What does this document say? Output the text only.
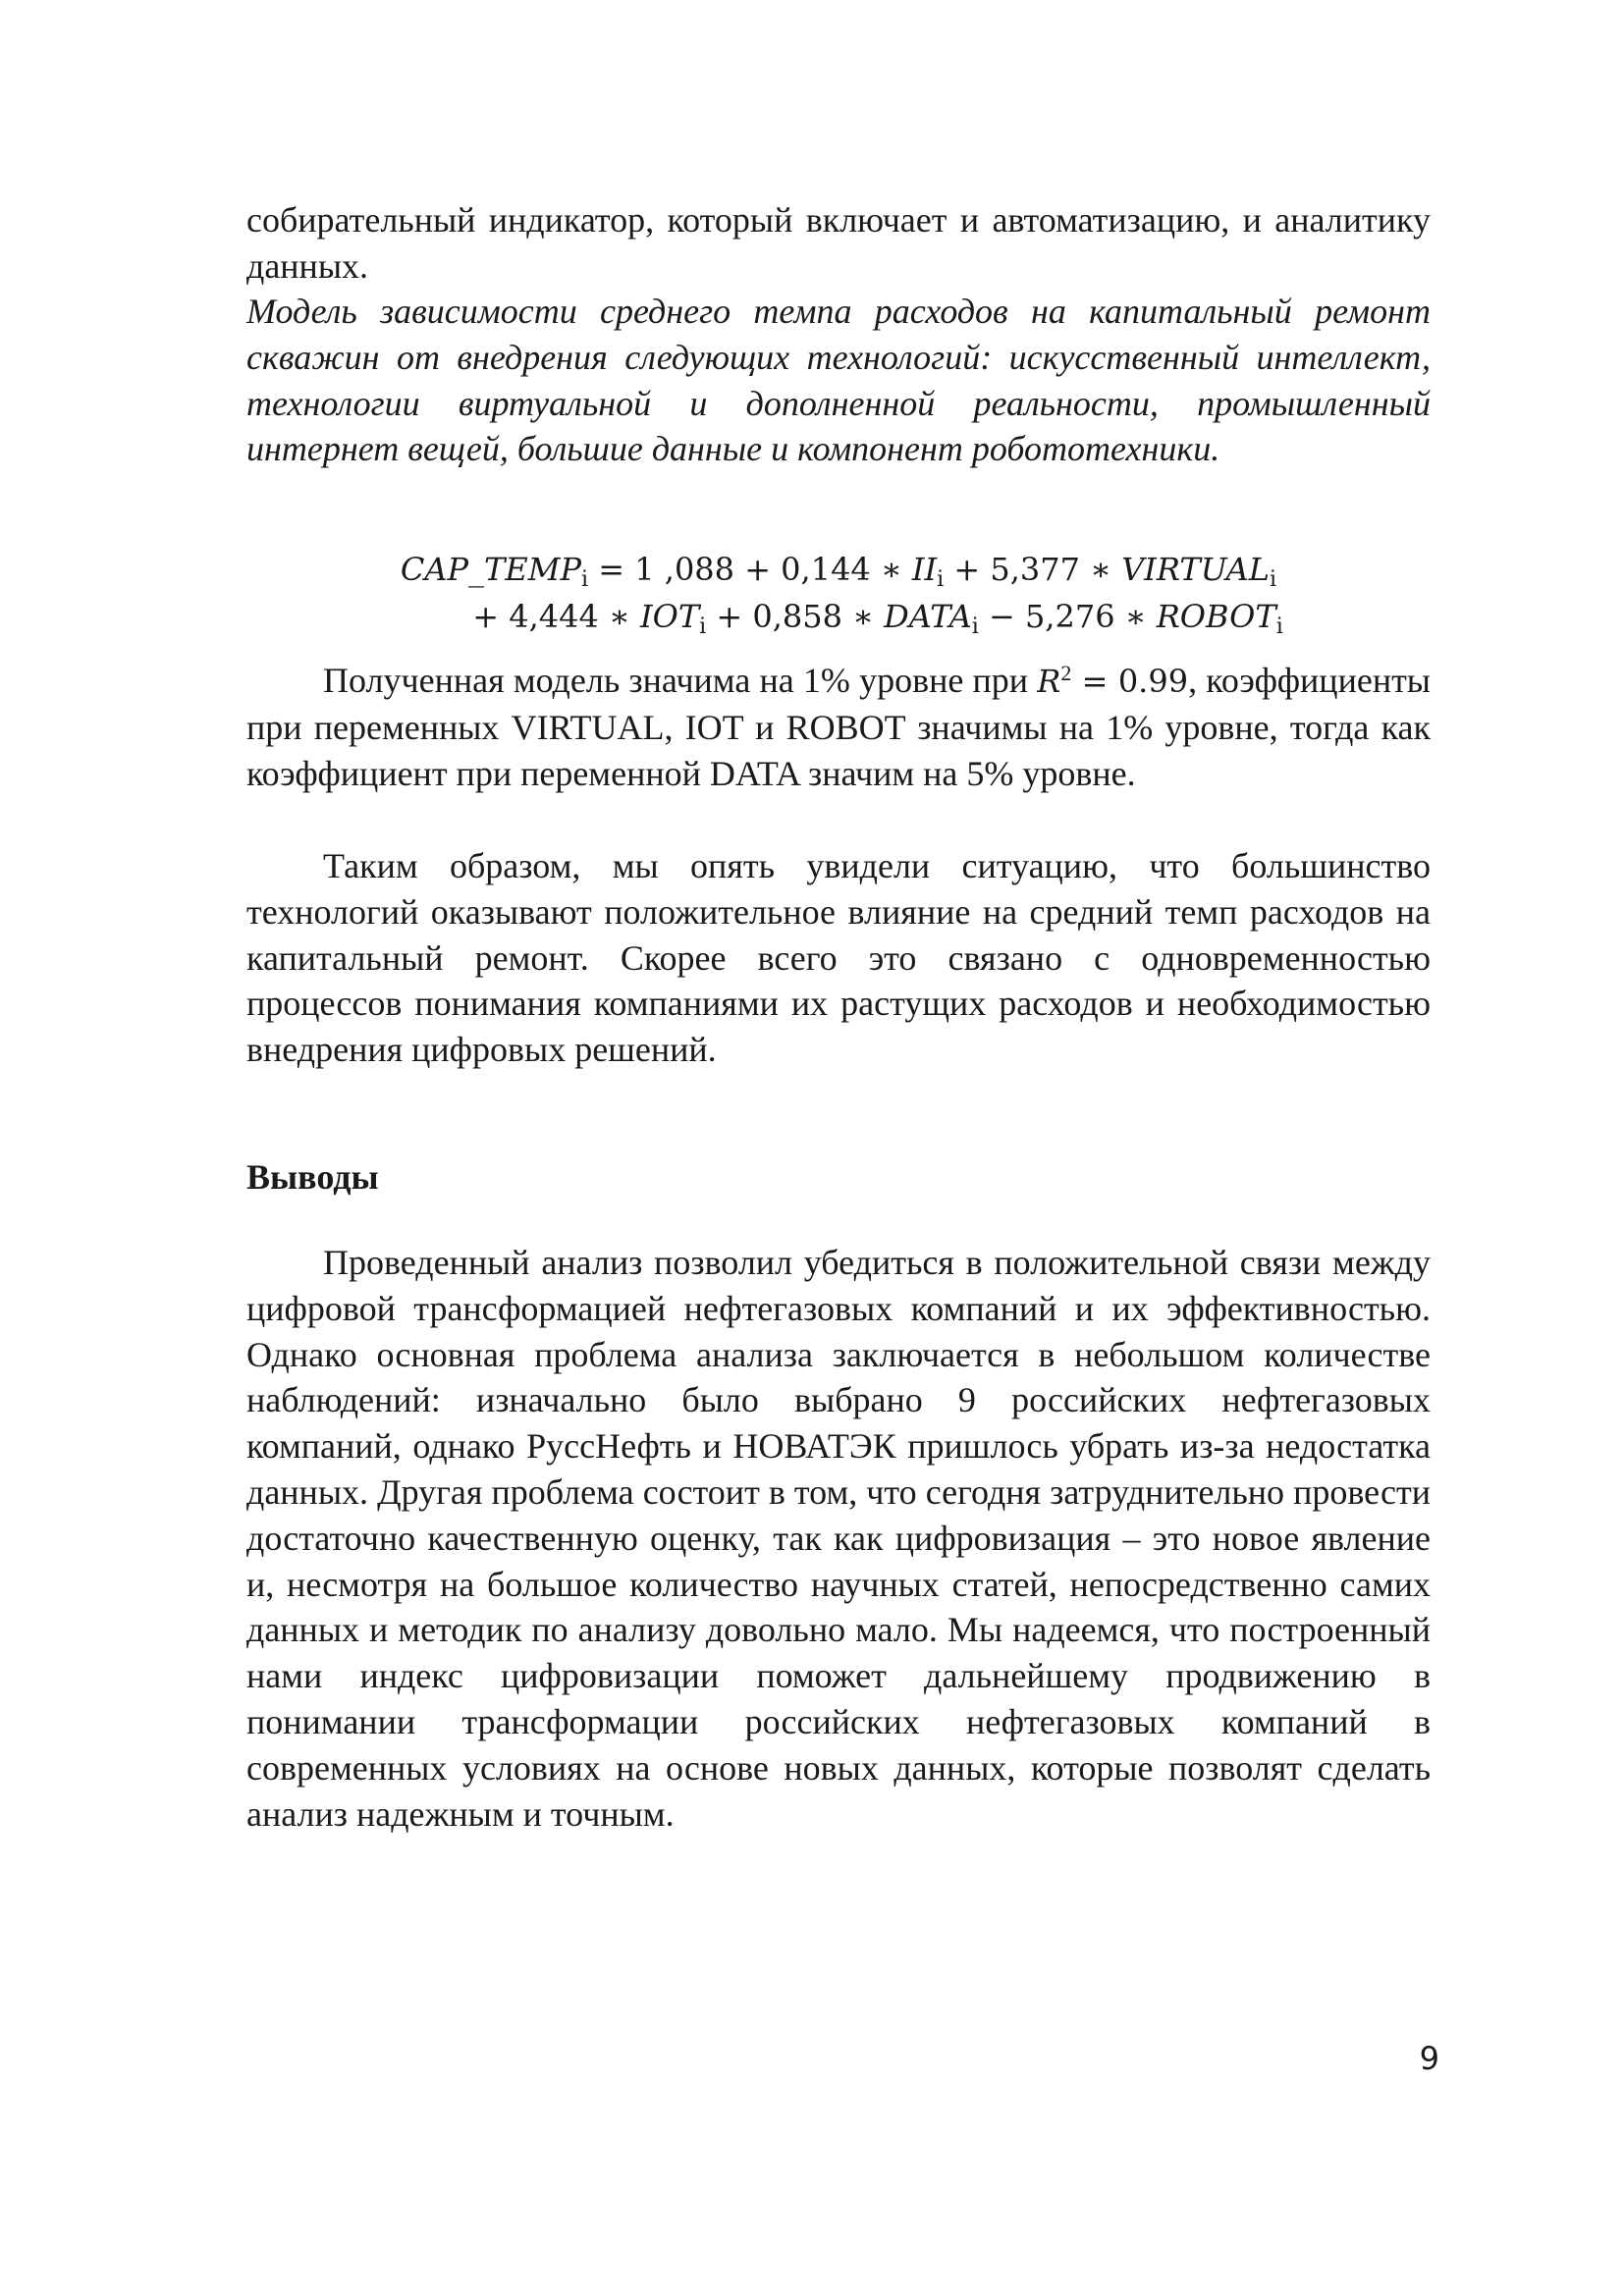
собирательный индикатор, который включает и автоматизацию, и аналитику данных.

Модель зависимости среднего темпа расходов на капитальный ремонт скважин от внедрения следующих технологий: искусственный интеллект, технологии виртуальной и дополненной реальности, промышленный интернет вещей, большие данные и компонент робототехники.

$CAP\_TEMP_i = 1$ ,088 + 0,144 ∗ $II_i + 5,377$ ∗ $VIRTUAL_i$
+ 4,444 ∗ $IOT_i + 0,858$ ∗ $DATA_i - 5,276$ ∗ $ROBOT_i$

Полученная модель значима на 1% уровне при $R^2 = 0.99$, коэффициенты при переменных VIRTUAL, IOT и ROBOT значимы на 1% уровне, тогда как коэффициент при переменной DATA значим на 5% уровне.

Таким образом, мы опять увидели ситуацию, что большинство технологий оказывают положительное влияние на средний темп расходов на капитальный ремонт. Скорее всего это связано с одновременностью процессов понимания компаниями их растущих расходов и необходимостью внедрения цифровых решений.

Выводы

Проведенный анализ позволил убедиться в положительной связи между цифровой трансформацией нефтегазовых компаний и их эффективностью. Однако основная проблема анализа заключается в небольшом количестве наблюдений: изначально было выбрано 9 российских нефтегазовых компаний, однако РуссНефть и НОВАТЭК пришлось убрать из-за недостатка данных. Другая проблема состоит в том, что сегодня затруднительно провести достаточно качественную оценку, так как цифровизация – это новое явление и, несмотря на большое количество научных статей, непосредственно самих данных и методик по анализу довольно мало. Мы надеемся, что построенный нами индекс цифровизации поможет дальнейшему продвижению в понимании трансформации российских нефтегазовых компаний в современных условиях на основе новых данных, которые позволят сделать анализ надежным и точным.

9
